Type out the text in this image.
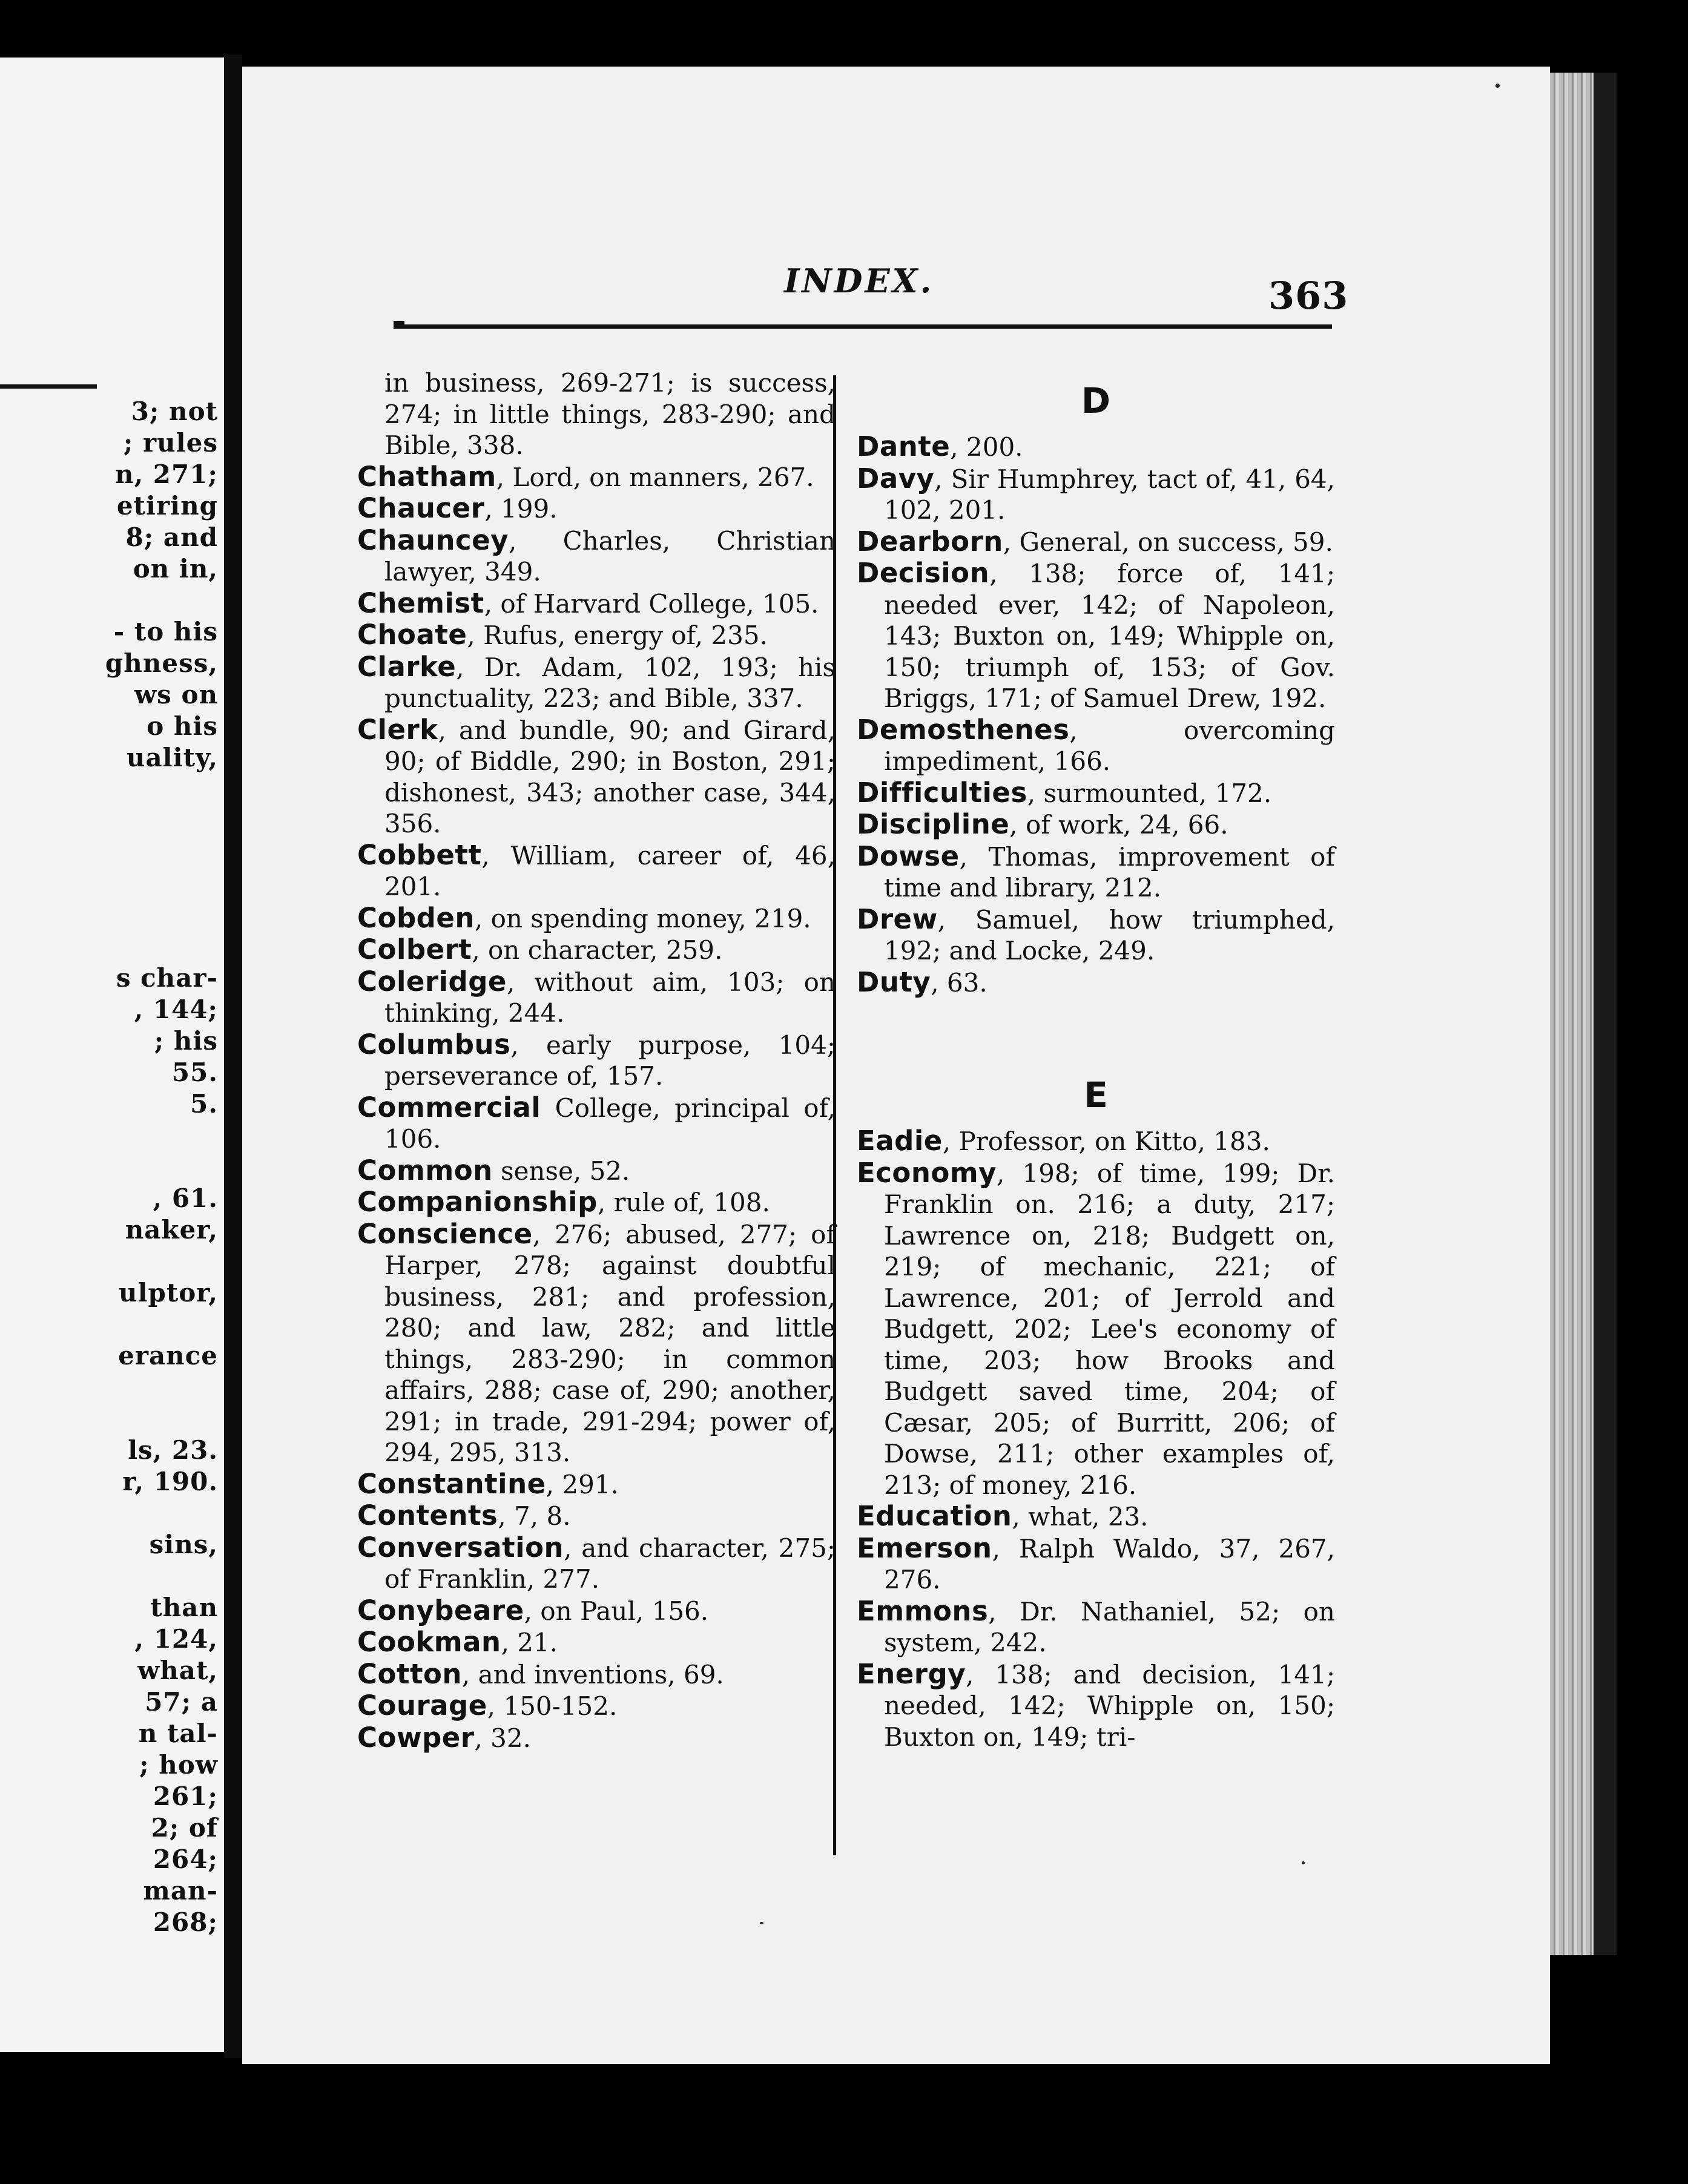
3; not
; rules
n, 271;
etiring
8; and
on in,
- to his
ghness,
ws on
o his
uality,
s char-
, 144;
; his
55.
5.
, 61.
naker,
ulptor,
erance
ls, 23.
r, 190.
sins,
than
, 124,
what,
57; a
n tal-
; how
261;
2; of
264;
man-
268;
INDEX.	363

in business, 269-271; is success, 274; in little things, 283-290; and Bible, 338.

Chatham, Lord, on manners, 267.

Chaucer, 199.

Chauncey, Charles, Christian lawyer, 349.

Chemist, of Harvard College, 105.

Choate, Rufus, energy of, 235.

Clarke, Dr. Adam, 102, 193; his punctuality, 223; and Bible, 337.

Clerk, and bundle, 90; and Girard, 90; of Biddle, 290; in Boston, 291; dishonest, 343; another case, 344, 356.

Cobbett, William, career of, 46, 201.

Cobden, on spending money, 219.

Colbert, on character, 259.

Coleridge, without aim, 103; on thinking, 244.

Columbus, early purpose, 104; perseverance of, 157.

Commercial College, principal of, 106.

Common sense, 52.

Companionship, rule of, 108.

Conscience, 276; abused, 277; of Harper, 278; against doubtful business, 281; and profession, 280; and law, 282; and little things, 283-290; in common affairs, 288; case of, 290; another, 291; in trade, 291-294; power of, 294, 295, 313.

Constantine, 291.

Contents, 7, 8.

Conversation, and character, 275; of Franklin, 277.

Conybeare, on Paul, 156.

Cookman, 21.

Cotton, and inventions, 69.

Courage, 150-152.

Cowper, 32.

D

Dante, 200.

Davy, Sir Humphrey, tact of, 41, 64, 102, 201.

Dearborn, General, on success, 59.

Decision, 138; force of, 141; needed ever, 142; of Napoleon, 143; Buxton on, 149; Whipple on, 150; triumph of, 153; of Gov. Briggs, 171; of Samuel Drew, 192.

Demosthenes, overcoming impediment, 166.

Difficulties, surmounted, 172.

Discipline, of work, 24, 66.

Dowse, Thomas, improvement of time and library, 212.

Drew, Samuel, how triumphed, 192; and Locke, 249.

Duty, 63.

E

Eadie, Professor, on Kitto, 183.

Economy, 198; of time, 199; Dr. Franklin on. 216; a duty, 217; Lawrence on, 218; Budgett on, 219; of mechanic, 221; of Lawrence, 201; of Jerrold and Budgett, 202; Lee's economy of time, 203; how Brooks and Budgett saved time, 204; of Cæsar, 205; of Burritt, 206; of Dowse, 211; other examples of, 213; of money, 216.

Education, what, 23.

Emerson, Ralph Waldo, 37, 267, 276.

Emmons, Dr. Nathaniel, 52; on system, 242.

Energy, 138; and decision, 141; needed, 142; Whipple on, 150; Buxton on, 149; tri-
